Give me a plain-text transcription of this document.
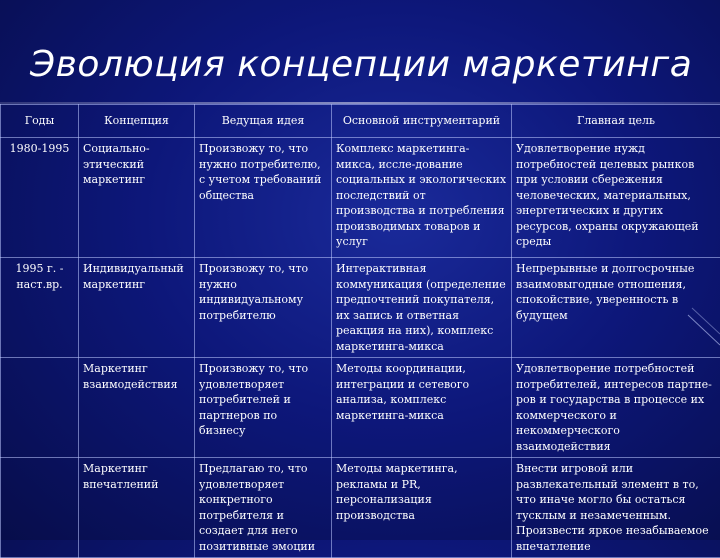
Эволюция концепции маркетинга
Годы	Концепция	Ведущая идея	Основной инструментарий	Главная цель
1980-1995	Социально-этический маркетинг	Произвожу то, что нужно потребителю, с учетом требований общества	Комплекс маркетинга-микса, иссле-дование социальных и экологических последствий от производства и потребления производимых товаров и услуг	Удовлетворение нужд потребностей целевых рынков при условии сбережения человеческих, материальных, энергетических и других ресурсов, охраны окружающей среды
1995 г. - наст.вр.	Индивидуальный маркетинг	Произвожу то, что нужно индивидуальному потребителю	Интерактивная коммуникация (определение предпочтений покупателя, их запись и ответная реакция на них), комплекс маркетинга-микса	Непрерывные и долгосрочные взаимовыгодные отношения, спокойствие, уверенность в будущем
	Маркетинг взаимодействия	Произвожу то, что удовлетворяет потребителей и партнеров по бизнесу	Методы координации, интеграции и сетевого анализа, комплекс маркетинга-микса	Удовлетворение потребностей потребителей, интересов партне-ров и государства в процессе их коммерческого и некоммерческого взаимодействия
	Маркетинг впечатлений	Предлагаю то, что удовлетворяет конкретного потребителя и создает для него позитивные эмоции	Методы маркетинга, рекламы и PR, персонализация производства	Внести игровой или развлекательный элемент в то, что иначе могло бы остаться тусклым и незамеченным. Произвести яркое незабываемое впечатление
